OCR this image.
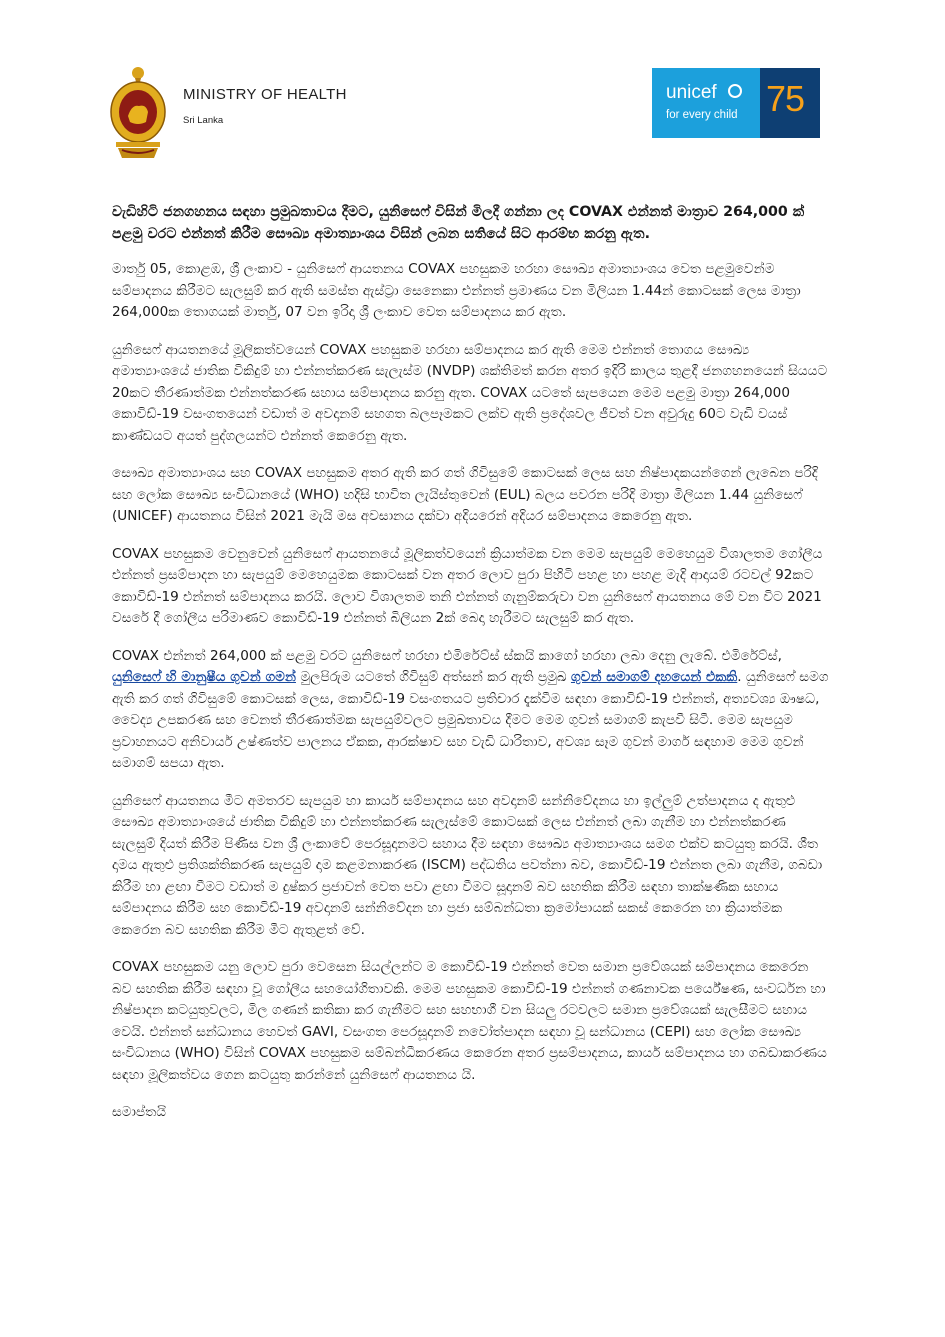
MINISTRY OF HEALTH
Sri Lanka
unicef
for every child 75

වැඩිහිටි ජනගහනය සඳහා ප්‍රමුඛතාවය දීමට, යුනිසෙෆ් විසින් මිලදී ගන්නා ලද COVAX එන්නත් මාත්‍රාව 264,000 ක් පළමු වරට එන්නත් කිරීම සෞඛ්‍ය අමාත්‍යාංශය විසින් ලබන සතියේ සිට ආරම්භ කරනු ඇත.

මාර්තු 05, කොළඹ, ශ්‍රී ලංකාව - යුනිසෙෆ් ආයතනය COVAX පහසුකම හරහා සෞඛ්‍ය අමාත්‍යාංශය වෙත පළමුවෙන්ම සම්පාදනය කිරීමට සැලසුම් කර ඇති සමස්ත ඇස්ට්‍රා සෙනෙකා එන්නත් ප්‍රමාණය වන මිලියන 1.44න් කොටසක් ලෙස මාත්‍රා 264,000ක තොගයක් මාර්තු, 07 වන ඉරිදා ශ්‍රී ලංකාව වෙත සම්පාදනය කර ඇත.

යුනිසෙෆ් ආයතනයේ මූලිකත්වයෙන් COVAX පහසුකම හරහා සම්පාදනය කර ඇති මෙම එන්නත් තොගය සෞඛ්‍ය අමාත්‍යාංශයේ ජාතික විකිදුම් හා එන්නත්කරණ සැලැස්ම (NVDP) ශක්තිමත් කරන අතර ඉදිරි කාලය තුළදී ජනගහනයෙන් සියයට 20කට තීරණාත්මක එන්නත්කරණ සහාය සම්පාදනය කරනු ඇත. COVAX යටතේ සැපයෙන මෙම පළමු මාත්‍රා 264,000 කොවිඩ්-19 වසංගතයෙන් වඩාත් ම අවදානම් සහගත බලපෑමකට ලක්ව ඇති ප්‍රදේශවල ජීවත් වන අවුරුදු 60ට වැඩි වයස් කාණ්ඩයට අයත් පුද්ගලයන්ට එන්නත් කෙරෙනු ඇත.

සෞඛ්‍ය අමාත්‍යාංශය සහ COVAX පහසුකම අතර ඇති කර ගත් ගිවිසුමේ කොටසක් ලෙස සහ නිෂ්පාදකයන්ගෙන් ලැබෙන පරිදි සහ ලෝක සෞඛ්‍ය සංවිධානයේ (WHO) හදිසි භාවිත ලැයිස්තුවෙන් (EUL) බලය පවරන පරිදි මාත්‍රා මිලියන 1.44 යුනිසෙෆ් (UNICEF) ආයතනය විසින් 2021 මැයි මස අවසානය දක්වා අදියරෙන් අදියර සම්පාදනය කෙරෙනු ඇත.

COVAX පහසුකම වෙනුවෙන් යුනිසෙෆ් ආයතනයේ මූලිකත්වයෙන් ක්‍රියාත්මක වන මෙම සැපයුම් මෙහෙයුම විශාලතම ගෝලීය එන්නත් ප්‍රසම්පාදන හා සැපයුම් මෙහෙයුමක කොටසක් වන අතර ලොව පුරා පිහිටි පහළ හා පහළ මැදි ආදායම් රටවල් 92කට කොවිඩ්-19 එන්නත් සම්පාදනය කරයි. ලොව විශාලතම තනි එන්නත් ගැනුම්කරුවා වන යුනිසෙෆ් ආයතනය මේ වන විට 2021 වසරේ දී ගෝලීය පරිමාණව කොවිඩ්-19 එන්නත් බිලියන 2ක් බෙදා හැරීමට සැලසුම් කර ඇත.

COVAX එන්නත් 264,000 ක් පළමු වරට යුනිසෙෆ් හරහා එමිරේට්ස් ස්කයි කාගෝ හරහා ලබා දෙනු ලැබේ. එමිරේට්ස්, යුනිසෙෆ් හි මානුෂීය ගුවන් ගමන් මුලපිරුම යටතේ ගිවිසුම් අත්සන් කර ඇති ප්‍රමුඛ ගුවන් සමාගම් දහයෙන් එකකි. යුනිසෙෆ් සමග ඇති කර ගත් ගිවිසුමේ කොටසක් ලෙස, කොවිඩ්-19 වසංගතයට ප්‍රතිචාර දැක්වීම සඳහා කොවිඩ්-19 එන්නත්, අත්‍යවශ්‍ය ඖෂධ, වෛද්‍ය උපකරණ සහ වෙනත් තීරණාත්මක සැපයුම්වලට ප්‍රමුඛතාවය දීමට මෙම ගුවන් සමාගම් කැපවී සිටී. මෙම සැපයුම ප්‍රවාහනයට අනිවාර්ය උෂ්ණත්ව පාලනය ඒකක, ආරක්ෂාව සහ වැඩි ධාරිතාව, අවශ්‍ය සෑම ගුවන් මාර්ග සඳහාම මෙම ගුවන් සමාගම් සපයා ඇත.

යුනිසෙෆ් ආයතනය මීට අමතරව සැපයුම හා කාර්ය සම්පාදනය සහ අවදානම් සන්නිවේදනය හා ඉල්ලුම් උත්පාදනය ද ඇතුළු සෞඛ්‍ය අමාත්‍යාංශයේ ජාතික විකිදුම් හා එන්නත්කරණ සැලැස්මේ කොටසක් ලෙස එන්නත් ලබා ගැනීම හා එන්නත්කරණ සැලසුම් දියත් කිරීම පිණිස වන ශ්‍රී ලංකාවේ පෙරසූදානමට සහාය දීම සඳහා සෞඛ්‍ය අමාත්‍යාංශය සමග එක්ව කටයුතු කරයි. ශීත දාමය ඇතුළු ප්‍රතිශක්තිකරණ සැපයුම් දාම කළමනාකරණ (ISCM) පද්ධතිය පවත්නා බව, කොවිඩ්-19 එන්නත ලබා ගැනීම, ගබඩා කිරීම හා ළඟා වීමට වඩාත් ම දුෂ්කර ප්‍රජාවන් වෙත පවා ළඟා වීමට සූදානම් බව සහතික කිරීම සඳහා තාක්ෂණික සහාය සම්පාදනය කිරීම සහ කොවිඩ්-19 අවදානම් සන්නිවේදන හා ප්‍රජා සම්බන්ධතා ක්‍රමෝපායක් සකස් කෙරෙන හා ක්‍රියාත්මක කෙරෙන බව සහතික කිරීම මීට ඇතුළත් වේ.

COVAX පහසුකම යනු ලොව පුරා වෙසෙන සියල්ලන්ට ම කොවිඩ්-19 එන්නත් වෙත සමාන ප්‍රවේශයක් සම්පාදනය කෙරෙන බව සහතික කිරීම සඳහා වූ ගෝලීය සහයෝගිතාවකි. මෙම පහසුකම කොවිඩ්-19 එන්නත් ගණනාවක පර්යේෂණ, සංවර්ධන හා නිෂ්පාදන කටයුතුවලට, මිල ගණන් කතිකා කර ගැනීමට සහ සහභාගී වන සියලු රටවලට සමාන ප්‍රවේශයක් සැලසීමට සහාය වෙයි. එන්නත් සන්ධානය හෙවත් GAVI, වසංගත පෙරසූදානම් නවෝත්පාදන සඳහා වූ සන්ධානය (CEPI) සහ ලෝක සෞඛ්‍ය සංවිධානය (WHO) විසින් COVAX පහසුකම සම්බන්ධීකරණය කෙරෙන අතර ප්‍රසම්පාදනය, කාර්ය සම්පාදනය හා ගබඩාකරණය සඳහා මූලිකත්වය ගෙන කටයුතු කරන්නේ යුනිසෙෆ් ආයතනය යි.

සමාප්තයි
